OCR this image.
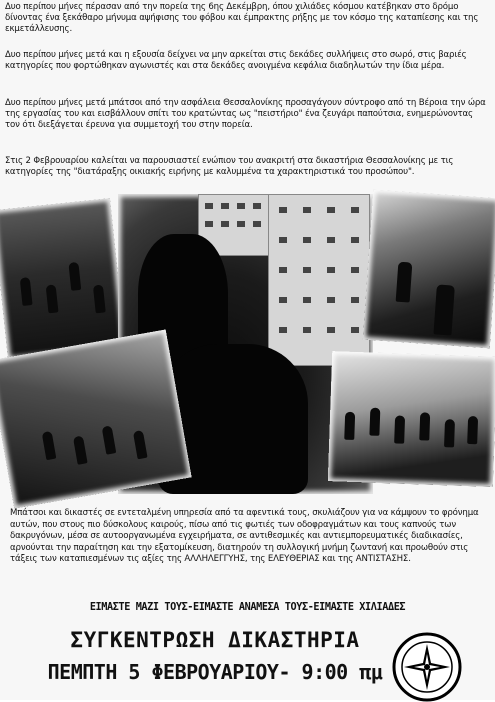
Δυο περίπου μήνες πέρασαν από την πορεία της 6ης Δεκέμβρη, όπου χιλιάδες κόσμου κατέβηκαν στο δρόμο δίνοντας ένα ξεκάθαρο μήνυμα αψήφισης του φόβου και έμπρακτης ρήξης με τον κόσμο της καταπίεσης και της εκμετάλλευσης.

Δυο περίπου μήνες μετά και η εξουσία δείχνει να μην αρκείται στις δεκάδες συλλήψεις στο σωρό, στις βαριές κατηγορίες που φορτώθηκαν αγωνιστές και στα δεκάδες ανοιγμένα κεφάλια διαδηλωτών την ίδια μέρα.

Δυο περίπου μήνες μετά μπάτσοι από την ασφάλεια Θεσσαλονίκης προσαγάγουν σύντροφο από τη Βέροια την ώρα της εργασίας του και εισβάλλουν σπίτι του κρατώντας ως "πειστήριο" ένα ζευγάρι παπούτσια, ενημερώνοντας τον ότι διεξάγεται έρευνα για συμμετοχή του στην πορεία.

Στις 2 Φεβρουαρίου καλείται να παρουσιαστεί ενώπιον του ανακριτή στα δικαστήρια Θεσσαλονίκης με τις κατηγορίες της "διατάραξης οικιακής ειρήνης με καλυμμένα τα χαρακτηριστικά του προσώπου".

Μπάτσοι και δικαστές σε εντεταλμένη υπηρεσία από τα αφεντικά τους, σκυλιάζουν για να κάμψουν το φρόνημα αυτών, που στους πιο δύσκολους καιρούς, πίσω από τις φωτιές των οδοφραγμάτων και τους καπνούς των δακρυγόνων, μέσα σε αυτοοργανωμένα εγχειρήματα, σε αντιθεσμικές και αντιεμπορευματικές διαδικασίες, αρνούνται την παραίτηση και την εξατομίκευση, διατηρούν τη συλλογική μνήμη ζωντανή και προωθούν στις τάξεις των καταπιεσμένων τις αξίες της ΑΛΛΗΛΕΓΓΥΗΣ, της ΕΛΕΥΘΕΡΙΑΣ και της ΑΝΤΙΣΤΑΣΗΣ.

ΕΙΜΑΣΤΕ ΜΑΖΙ ΤΟΥΣ-ΕΙΜΑΣΤΕ ΑΝΑΜΕΣΑ ΤΟΥΣ-ΕΙΜΑΣΤΕ ΧΙΛΙΑΔΕΣ
ΣΥΓΚΕΝΤΡΩΣΗ ΔΙΚΑΣΤΗΡΙΑ
ΠΕΜΠΤΗ 5 ΦΕΒΡΟΥΑΡΙΟΥ- 9:00 πμ
